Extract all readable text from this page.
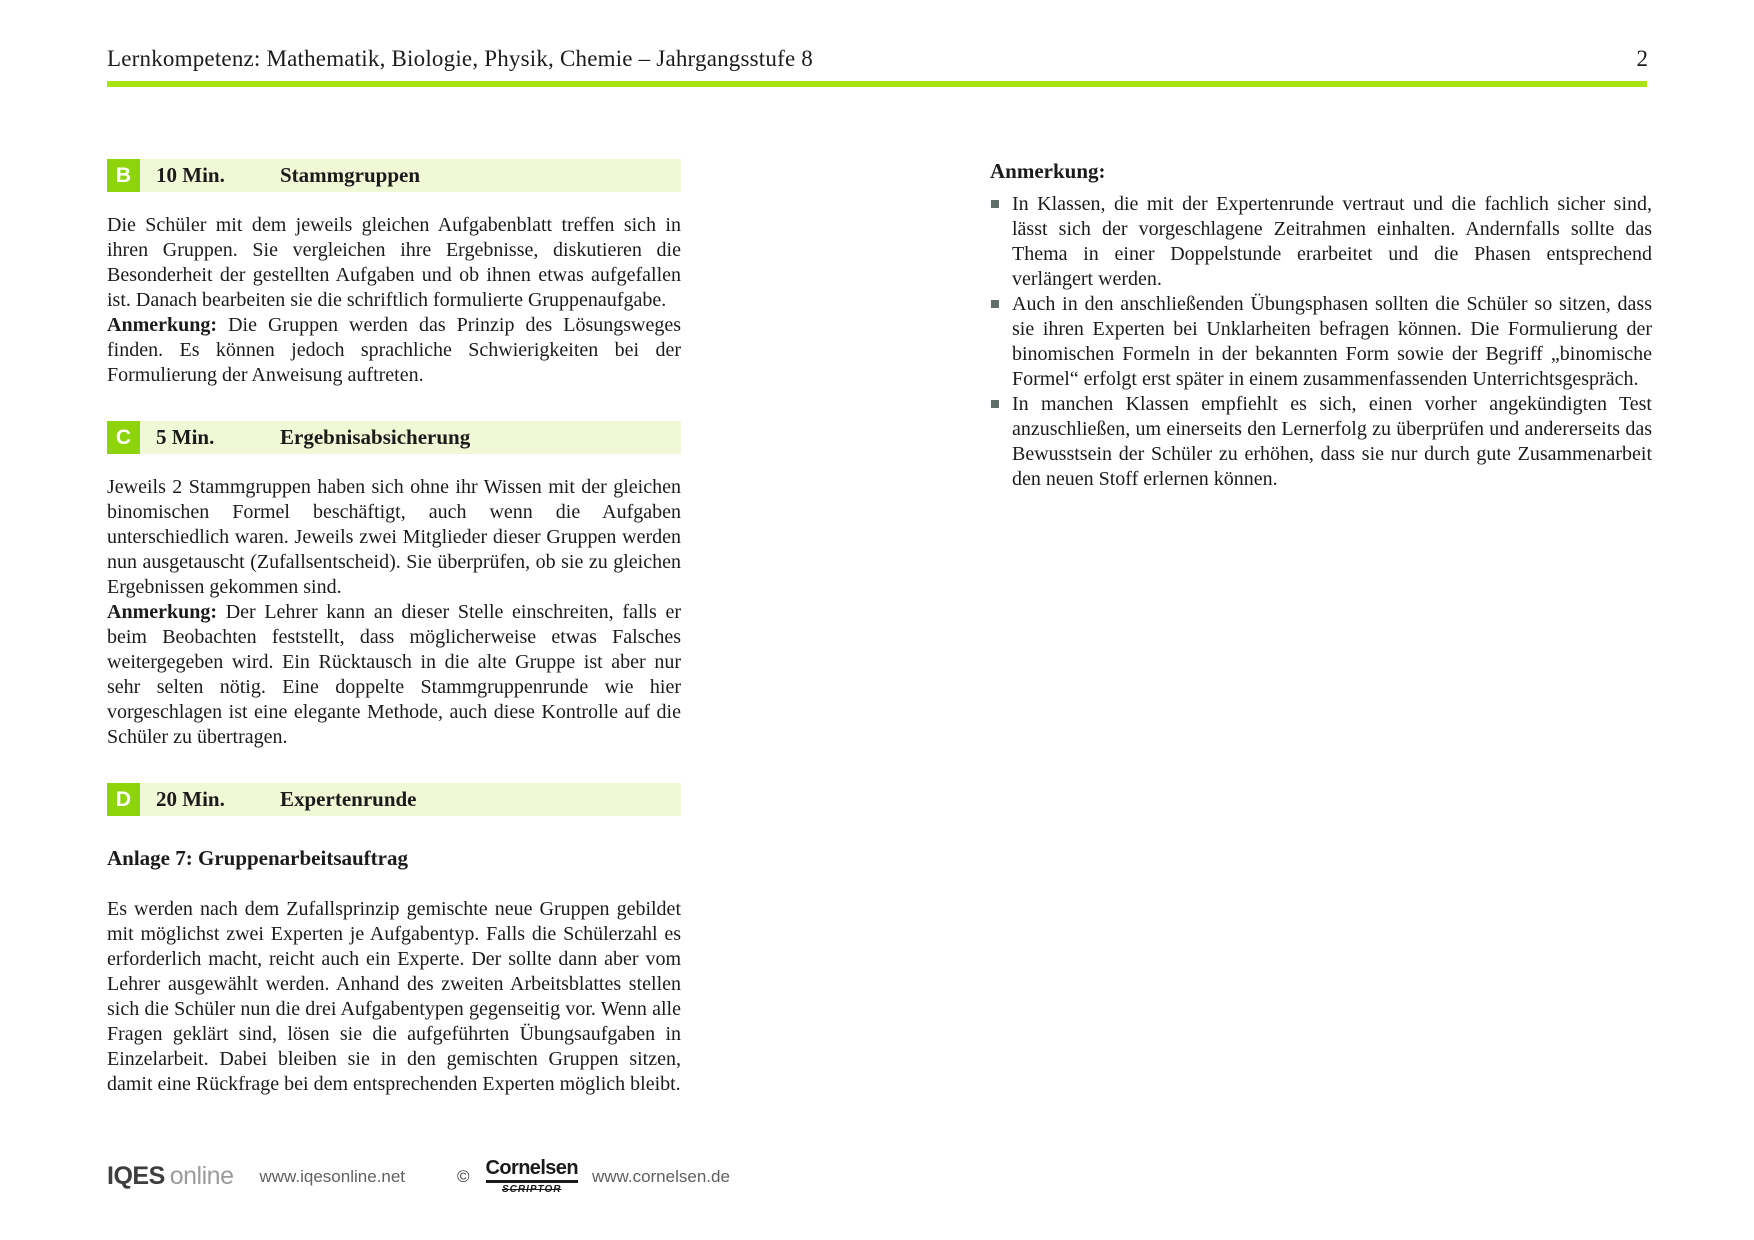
Lernkompetenz: Mathematik, Biologie, Physik, Chemie – Jahrgangsstufe 8	2
B	10 Min.	Stammgruppen

Die Schüler mit dem jeweils gleichen Aufgabenblatt treffen sich in ihren Gruppen. Sie vergleichen ihre Ergebnisse, diskutieren die Besonderheit der gestellten Aufgaben und ob ihnen etwas aufgefallen ist. Danach bearbeiten sie die schriftlich formulierte Gruppenaufgabe.

Anmerkung: Die Gruppen werden das Prinzip des Lösungsweges finden. Es können jedoch sprachliche Schwierigkeiten bei der Formulierung der Anweisung auftreten.

C	5 Min.	Ergebnisabsicherung

Jeweils 2 Stammgruppen haben sich ohne ihr Wissen mit der gleichen binomischen Formel beschäftigt, auch wenn die Aufgaben unterschiedlich waren. Jeweils zwei Mitglieder dieser Gruppen werden nun ausgetauscht (Zufallsentscheid). Sie überprüfen, ob sie zu gleichen Ergebnissen gekommen sind.

Anmerkung: Der Lehrer kann an dieser Stelle einschreiten, falls er beim Beobachten feststellt, dass möglicherweise etwas Falsches weitergegeben wird. Ein Rücktausch in die alte Gruppe ist aber nur sehr selten nötig. Eine doppelte Stammgruppenrunde wie hier vorgeschlagen ist eine elegante Methode, auch diese Kontrolle auf die Schüler zu übertragen.

D	20 Min.	Expertenrunde

Anlage 7: Gruppenarbeitsauftrag

Es werden nach dem Zufallsprinzip gemischte neue Gruppen gebildet mit möglichst zwei Experten je Aufgabentyp. Falls die Schülerzahl es erforderlich macht, reicht auch ein Experte. Der sollte dann aber vom Lehrer ausgewählt werden. Anhand des zweiten Arbeitsblattes stellen sich die Schüler nun die drei Aufgabentypen gegenseitig vor. Wenn alle Fragen geklärt sind, lösen sie die aufgeführten Übungsaufgaben in Einzelarbeit. Dabei bleiben sie in den gemischten Gruppen sitzen, damit eine Rückfrage bei dem entsprechenden Experten möglich bleibt.

Anmerkung:
In Klassen, die mit der Expertenrunde vertraut und die fachlich sicher sind, lässt sich der vorgeschlagene Zeitrahmen einhalten. Andernfalls sollte das Thema in einer Doppelstunde erarbeitet und die Phasen entsprechend verlängert werden.
Auch in den anschließenden Übungsphasen sollten die Schüler so sitzen, dass sie ihren Experten bei Unklarheiten befragen können. Die Formulierung der binomischen Formeln in der bekannten Form sowie der Begriff „binomische Formel“ erfolgt erst später in einem zusammenfassenden Unterrichtsgespräch.
In manchen Klassen empfiehlt es sich, einen vorher angekündigten Test anzuschließen, um einerseits den Lernerfolg zu überprüfen und andererseits das Bewusstsein der Schüler zu erhöhen, dass sie nur durch gute Zusammenarbeit den neuen Stoff erlernen können.
IQES online www.iqesonline.net	© Cornelsen
SCRIPTOR
www.cornelsen.de
